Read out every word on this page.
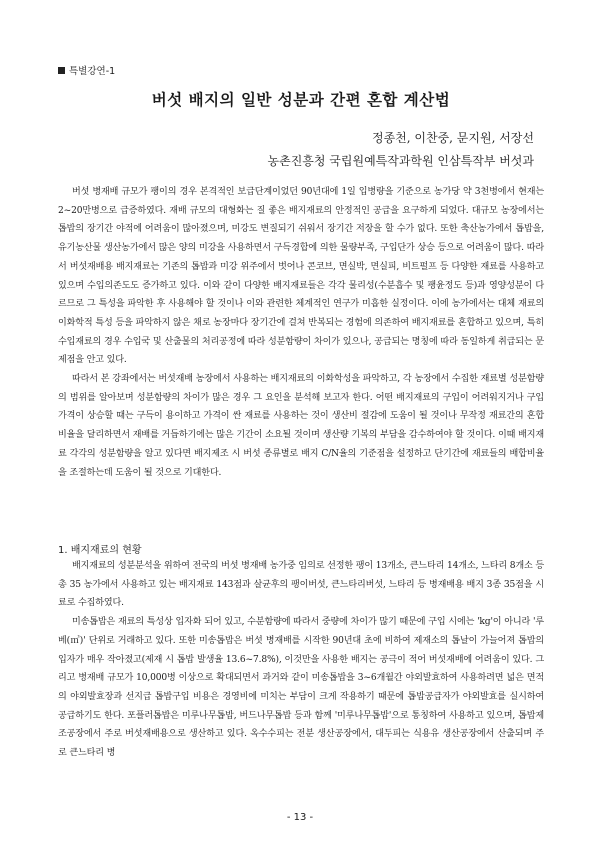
특별강연-1
버섯 배지의 일반 성분과 간편 혼합 계산법
정종천, 이찬중, 문지원, 서장선
농촌진흥청 국립원예특작과학원 인삼특작부 버섯과

버섯 병재배 규모가 팽이의 경우 본격적인 보급단계이었던 90년대에 1일 입병량을 기준으로 농가당 약 3천병에서 현재는 2~20만병으로 급증하였다. 재배 규모의 대형화는 질 좋은 배지재료의 안정적인 공급을 요구하게 되었다. 대규모 농장에서는 톱밥의 장기간 야적에 어려움이 많아졌으며, 미강도 변질되기 쉬워서 장기간 저장을 할 수가 없다. 또한 축산농가에서 톱밥을, 유기농산물 생산농가에서 많은 양의 미강을 사용하면서 구득경합에 의한 물량부족, 구입단가 상승 등으로 어려움이 많다. 따라서 버섯재배용 배지재료는 기존의 톱밥과 미강 위주에서 벗어나 콘코브, 면실박, 면실피, 비트펄프 등 다양한 재료를 사용하고 있으며 수입의존도도 증가하고 있다. 이와 같이 다양한 배지재료들은 각각 물리성(수분흡수 및 팽윤정도 등)과 영양성분이 다르므로 그 특성을 파악한 후 사용해야 할 것이나 이와 관련한 체계적인 연구가 미흡한 실정이다. 이에 농가에서는 대체 재료의 이화학적 특성 등을 파악하지 않은 채로 농장마다 장기간에 걸쳐 반복되는 경험에 의존하여 배지재료를 혼합하고 있으며, 특히 수입재료의 경우 수입국 및 산출물의 처리공정에 따라 성분함량이 차이가 있으나, 공급되는 명칭에 따라 동일하게 취급되는 문제점을 안고 있다.

따라서 본 강좌에서는 버섯재배 농장에서 사용하는 배지재료의 이화학성을 파악하고, 각 농장에서 수집한 재료별 성분함량의 범위를 알아보며 성분함량의 차이가 많은 경우 그 요인을 분석해 보고자 한다. 어떤 배지재료의 구입이 어려워지거나 구입가격이 상승할 때는 구득이 용이하고 가격이 싼 재료를 사용하는 것이 생산비 절감에 도움이 될 것이나 무작정 재료간의 혼합비율을 달리하면서 재배를 거듭하기에는 많은 기간이 소요될 것이며 생산량 기복의 부담을 감수하여야 할 것이다. 이때 배지재료 각각의 성분함량을 알고 있다면 배지제조 시 버섯 종류별로 배지 C/N율의 기준점을 설정하고 단기간에 재료들의 배합비율을 조절하는데 도움이 될 것으로 기대한다.

1. 배지재료의 현황

배지재료의 성분분석을 위하여 전국의 버섯 병재배 농가중 임의로 선정한 팽이 13개소, 큰느타리 14개소, 느타리 8개소 등 총 35 농가에서 사용하고 있는 배지재료 143점과 살균후의 팽이버섯, 큰느타리버섯, 느타리 등 병재배용 배지 3종 35점을 시료로 수집하였다.

미송톱밥은 재료의 특성상 입자화 되어 있고, 수분함량에 따라서 중량에 차이가 많기 때문에 구입 시에는 'kg'이 아니라 '루베(㎥)' 단위로 거래하고 있다. 또한 미송톱밥은 버섯 병재배를 시작한 90년대 초에 비하여 제재소의 톱날이 가늘어져 톱밥의 입자가 매우 작아졌고(제재 시 톱밥 발생율 13.6~7.8%), 이것만을 사용한 배지는 공극이 적어 버섯재배에 어려움이 있다. 그리고 병재배 규모가 10,000병 이상으로 확대되면서 과거와 같이 미송톱밥을 3~6개월간 야외발효하여 사용하려면 넓은 면적의 야외발효장과 선지급 톱밥구입 비용은 경영비에 미치는 부담이 크게 작용하기 때문에 톱밥공급자가 야외발효를 실시하여 공급하기도 한다. 포플러톱밥은 미루나무톱밥, 버드나무톱밥 등과 함께 '미루나무톱밥'으로 통칭하여 사용하고 있으며, 톱밥제조공장에서 주로 버섯재배용으로 생산하고 있다. 옥수수피는 전분 생산공장에서, 대두피는 식용유 생산공장에서 산출되며 주로 큰느타리 병

- 13 -
